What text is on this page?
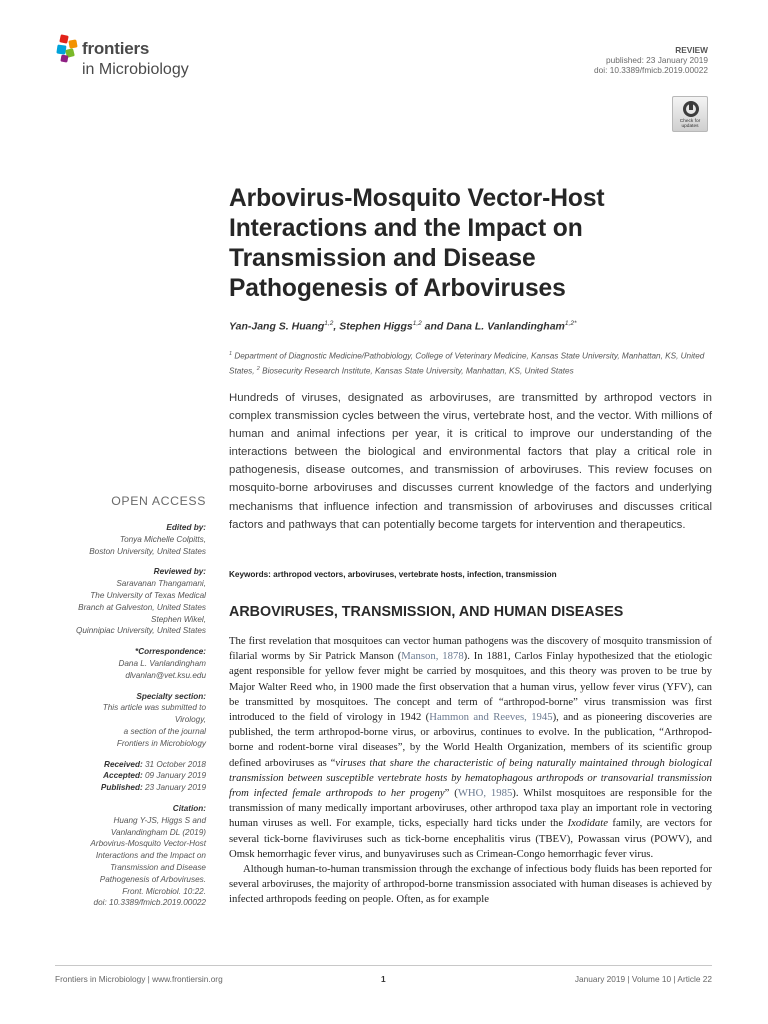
frontiers
in Microbiology
REVIEW
published: 23 January 2019
doi: 10.3389/fmicb.2019.00022
Check for
updates
Arbovirus-Mosquito Vector-Host Interactions and the Impact on Transmission and Disease Pathogenesis of Arboviruses
Yan-Jang S. Huang$^{1,2}$, Stephen Higgs$^{1,2}$ and Dana L. Vanlandingham$^{1,2*}$
$^1$ Department of Diagnostic Medicine/Pathobiology, College of Veterinary Medicine, Kansas State University, Manhattan, KS, United States, $^2$ Biosecurity Research Institute, Kansas State University, Manhattan, KS, United States

Hundreds of viruses, designated as arboviruses, are transmitted by arthropod vectors in complex transmission cycles between the virus, vertebrate host, and the vector. With millions of human and animal infections per year, it is critical to improve our understanding of the interactions between the biological and environmental factors that play a critical role in pathogenesis, disease outcomes, and transmission of arboviruses. This review focuses on mosquito-borne arboviruses and discusses current knowledge of the factors and underlying mechanisms that influence infection and transmission of arboviruses and discusses critical factors and pathways that can potentially become targets for intervention and therapeutics.

Keywords: arthropod vectors, arboviruses, vertebrate hosts, infection, transmission
ARBOVIRUSES, TRANSMISSION, AND HUMAN DISEASES

The first revelation that mosquitoes can vector human pathogens was the discovery of mosquito transmission of filarial worms by Sir Patrick Manson (Manson, 1878). In 1881, Carlos Finlay hypothesized that the etiologic agent responsible for yellow fever might be carried by mosquitoes, and this theory was proven to be true by Major Walter Reed who, in 1900 made the first observation that a human virus, yellow fever virus (YFV), can be transmitted by mosquitoes. The concept and term of “arthropod-borne” virus transmission was first introduced to the field of virology in 1942 (Hammon and Reeves, 1945), and as pioneering discoveries are published, the term arthropod-borne virus, or arbovirus, continues to evolve. In the publication, “Arthropod-borne and rodent-borne viral diseases”, by the World Health Organization, members of its scientific group defined arboviruses as “viruses that share the characteristic of being naturally maintained through biological transmission between susceptible vertebrate hosts by hematophagous arthropods or transovarial transmission from infected female arthropods to her progeny” (WHO, 1985). Whilst mosquitoes are responsible for the transmission of many medically important arboviruses, other arthropod taxa play an important role in vectoring human viruses as well. For example, ticks, especially hard ticks under the Ixodidate family, are vectors for several tick-borne flaviviruses such as tick-borne encephalitis virus (TBEV), Powassan virus (POWV), and Omsk hemorrhagic fever virus, and bunyaviruses such as Crimean-Congo hemorrhagic fever virus.

Although human-to-human transmission through the exchange of infectious body fluids has been reported for several arboviruses, the majority of arthropod-borne transmission associated with human diseases is achieved by infected arthropods feeding on people. Often, as for example

OPEN ACCESS
Edited by:
Tonya Michelle Colpitts,
Boston University, United States
Reviewed by:
Saravanan Thangamani,
The University of Texas Medical
Branch at Galveston, United States
Stephen Wikel,
Quinnipiac University, United States
*Correspondence:
Dana L. Vanlandingham
dlvanlan@vet.ksu.edu
Specialty section:
This article was submitted to
Virology,
a section of the journal
Frontiers in Microbiology
Received: 31 October 2018
Accepted: 09 January 2019
Published: 23 January 2019
Citation:
Huang Y-JS, Higgs S and
Vanlandingham DL (2019)
Arbovirus-Mosquito Vector-Host
Interactions and the Impact on
Transmission and Disease
Pathogenesis of Arboviruses.
Front. Microbiol. 10:22.
doi: 10.3389/fmicb.2019.00022
Frontiers in Microbiology | www.frontiersin.org	1	January 2019 | Volume 10 | Article 22
